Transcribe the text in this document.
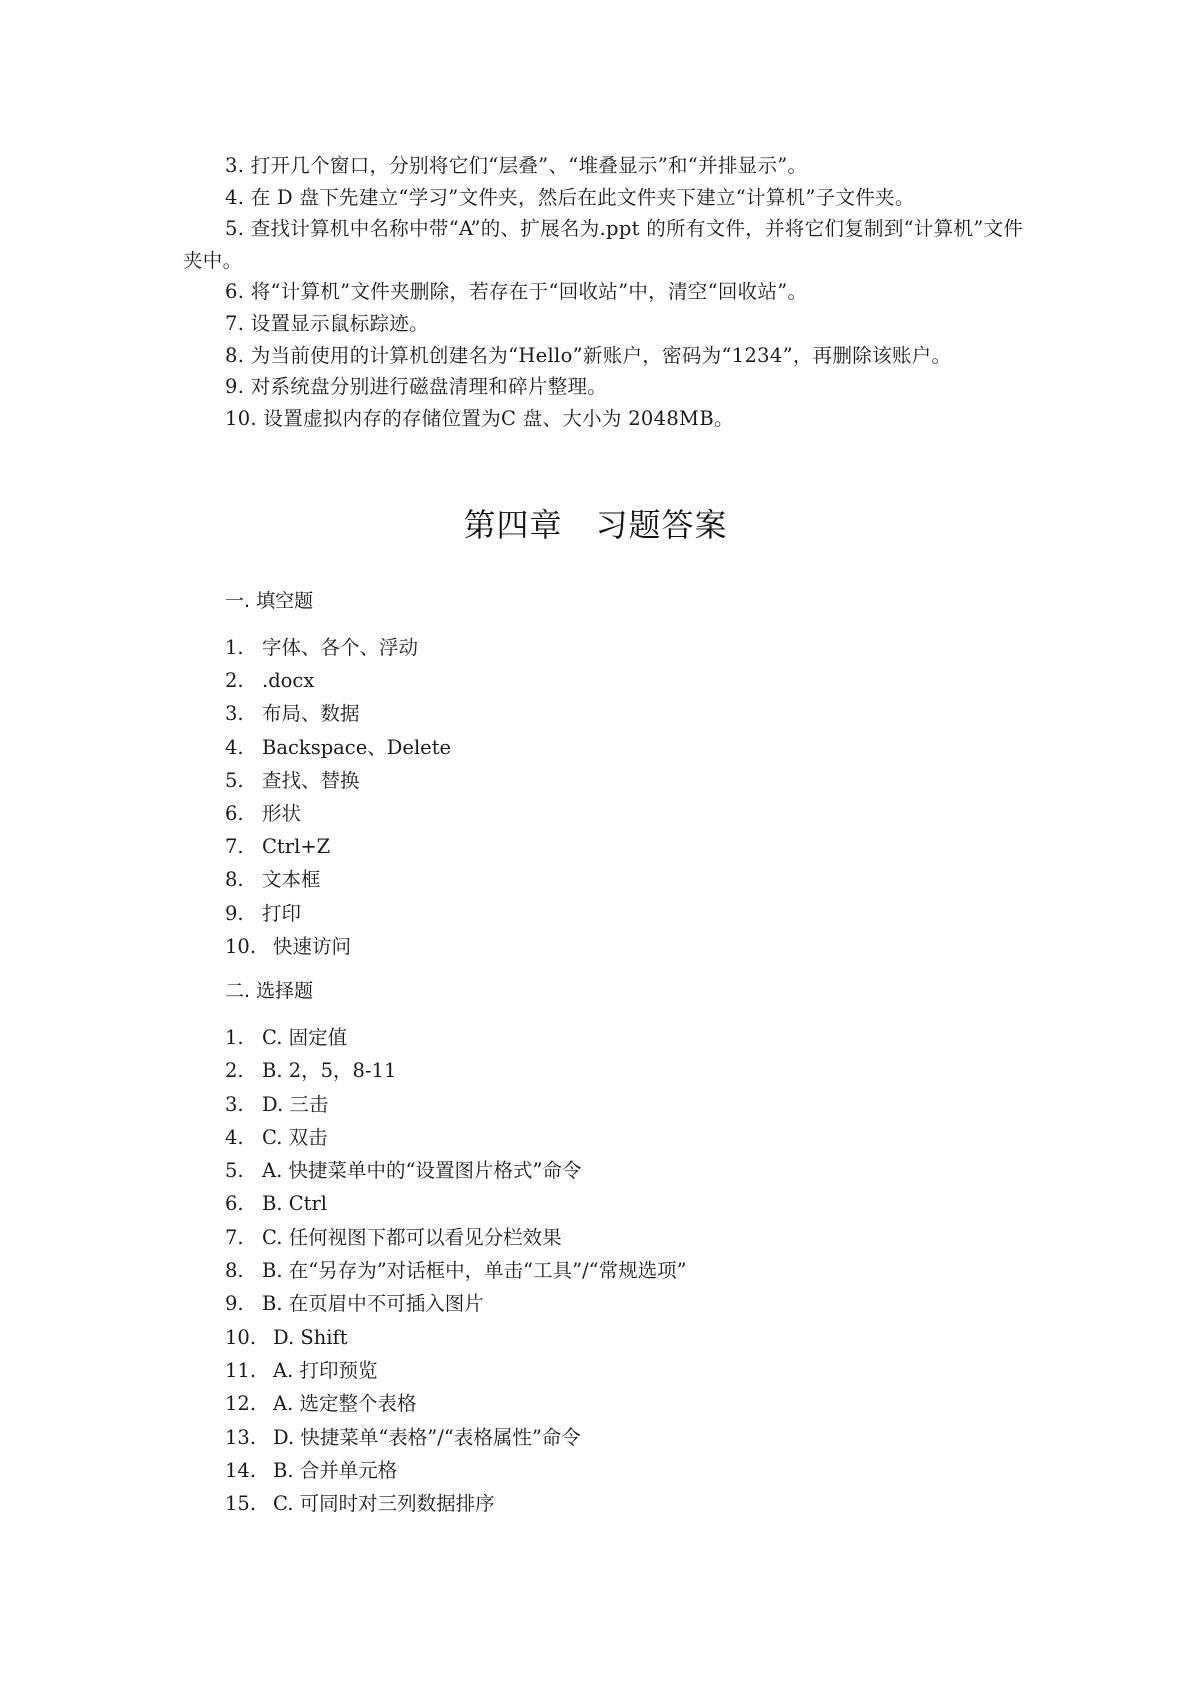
3. 打开几个窗口，分别将它们“层叠”、“堆叠显示”和“并排显示”。
4. 在 D 盘下先建立“学习”文件夹，然后在此文件夹下建立“计算机”子文件夹。
5. 查找计算机中名称中带“A”的、扩展名为.ppt 的所有文件，并将它们复制到“计算机”文件夹中。
6. 将“计算机”文件夹删除，若存在于“回收站”中，清空“回收站”。
7. 设置显示鼠标踪迹。
8. 为当前使用的计算机创建名为“Hello”新账户，密码为“1234”，再删除该账户。
9. 对系统盘分别进行磁盘清理和碎片整理。
10. 设置虚拟内存的存储位置为C 盘、大小为 2048MB。
第四章　习题答案
一. 填空题
1. 字体、各个、浮动
2. .docx
3. 布局、数据
4. Backspace、Delete
5. 查找、替换
6. 形状
7. Ctrl+Z
8. 文本框
9. 打印
10. 快速访问
二. 选择题
1. C. 固定值
2. B. 2，5，8-11
3. D. 三击
4. C. 双击
5. A. 快捷菜单中的“设置图片格式”命令
6. B. Ctrl
7. C. 任何视图下都可以看见分栏效果
8. B. 在“另存为”对话框中，单击“工具”/“常规选项”
9. B. 在页眉中不可插入图片
10. D. Shift
11. A. 打印预览
12. A. 选定整个表格
13. D. 快捷菜单“表格”/“表格属性”命令
14. B. 合并单元格
15. C. 可同时对三列数据排序
